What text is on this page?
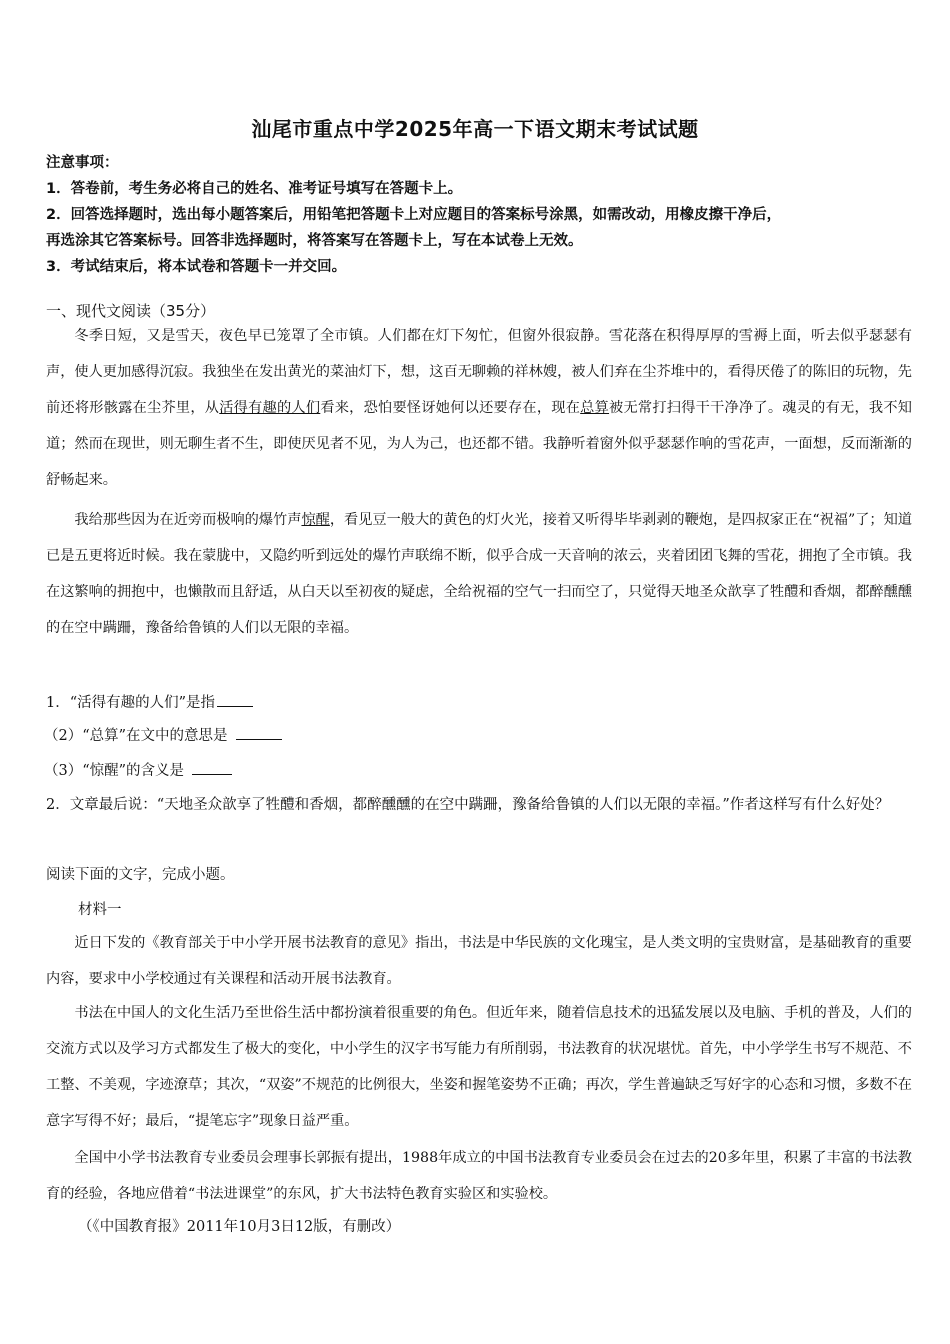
汕尾市重点中学2025年高一下语文期末考试试题
注意事项：
1．答卷前，考生务必将自己的姓名、准考证号填写在答题卡上。
2．回答选择题时，选出每小题答案后，用铅笔把答题卡上对应题目的答案标号涂黑，如需改动，用橡皮擦干净后，
再选涂其它答案标号。回答非选择题时，将答案写在答题卡上，写在本试卷上无效。
3．考试结束后，将本试卷和答题卡一并交回。
一、现代文阅读（35分）
冬季日短，又是雪天，夜色早已笼罩了全市镇。人们都在灯下匆忙，但窗外很寂静。雪花落在积得厚厚的雪褥上面，听去似乎瑟瑟有声，使人更加感得沉寂。我独坐在发出黄光的菜油灯下，想，这百无聊赖的祥林嫂，被人们弃在尘芥堆中的，看得厌倦了的陈旧的玩物，先前还将形骸露在尘芥里，从活得有趣的人们看来，恐怕要怪讶她何以还要存在，现在总算被无常打扫得干干净净了。魂灵的有无，我不知道；然而在现世，则无聊生者不生，即使厌见者不见，为人为己，也还都不错。我静听着窗外似乎瑟瑟作响的雪花声，一面想，反而渐渐的舒畅起来。
我给那些因为在近旁而极响的爆竹声惊醒，看见豆一般大的黄色的灯火光，接着又听得毕毕剥剥的鞭炮，是四叔家正在“祝福”了；知道已是五更将近时候。我在蒙胧中，又隐约听到远处的爆竹声联绵不断，似乎合成一天音响的浓云，夹着团团飞舞的雪花，拥抱了全市镇。我在这繁响的拥抱中，也懒散而且舒适，从白天以至初夜的疑虑，全给祝福的空气一扫而空了，只觉得天地圣众歆享了牲醴和香烟，都醉醺醺的在空中蹒跚，豫备给鲁镇的人们以无限的幸福。
1．“活得有趣的人们”是指
（2）“总算”在文中的意思是
（3）“惊醒”的含义是
2．文章最后说：“天地圣众歆享了牲醴和香烟，都醉醺醺的在空中蹒跚，豫备给鲁镇的人们以无限的幸福。”作者这样写有什么好处？
阅读下面的文字，完成小题。
材料一
近日下发的《教育部关于中小学开展书法教育的意见》指出，书法是中华民族的文化瑰宝，是人类文明的宝贵财富，是基础教育的重要内容，要求中小学校通过有关课程和活动开展书法教育。
书法在中国人的文化生活乃至世俗生活中都扮演着很重要的角色。但近年来，随着信息技术的迅猛发展以及电脑、手机的普及，人们的交流方式以及学习方式都发生了极大的变化，中小学生的汉字书写能力有所削弱，书法教育的状况堪忧。首先，中小学学生书写不规范、不工整、不美观，字迹潦草；其次，“双姿”不规范的比例很大，坐姿和握笔姿势不正确；再次，学生普遍缺乏写好字的心态和习惯，多数不在意字写得不好；最后，“提笔忘字”现象日益严重。
全国中小学书法教育专业委员会理事长郭振有提出，1988年成立的中国书法教育专业委员会在过去的20多年里，积累了丰富的书法教育的经验，各地应借着“书法进课堂”的东风，扩大书法特色教育实验区和实验校。
（《中国教育报》2011年10月3日12版，有删改）
